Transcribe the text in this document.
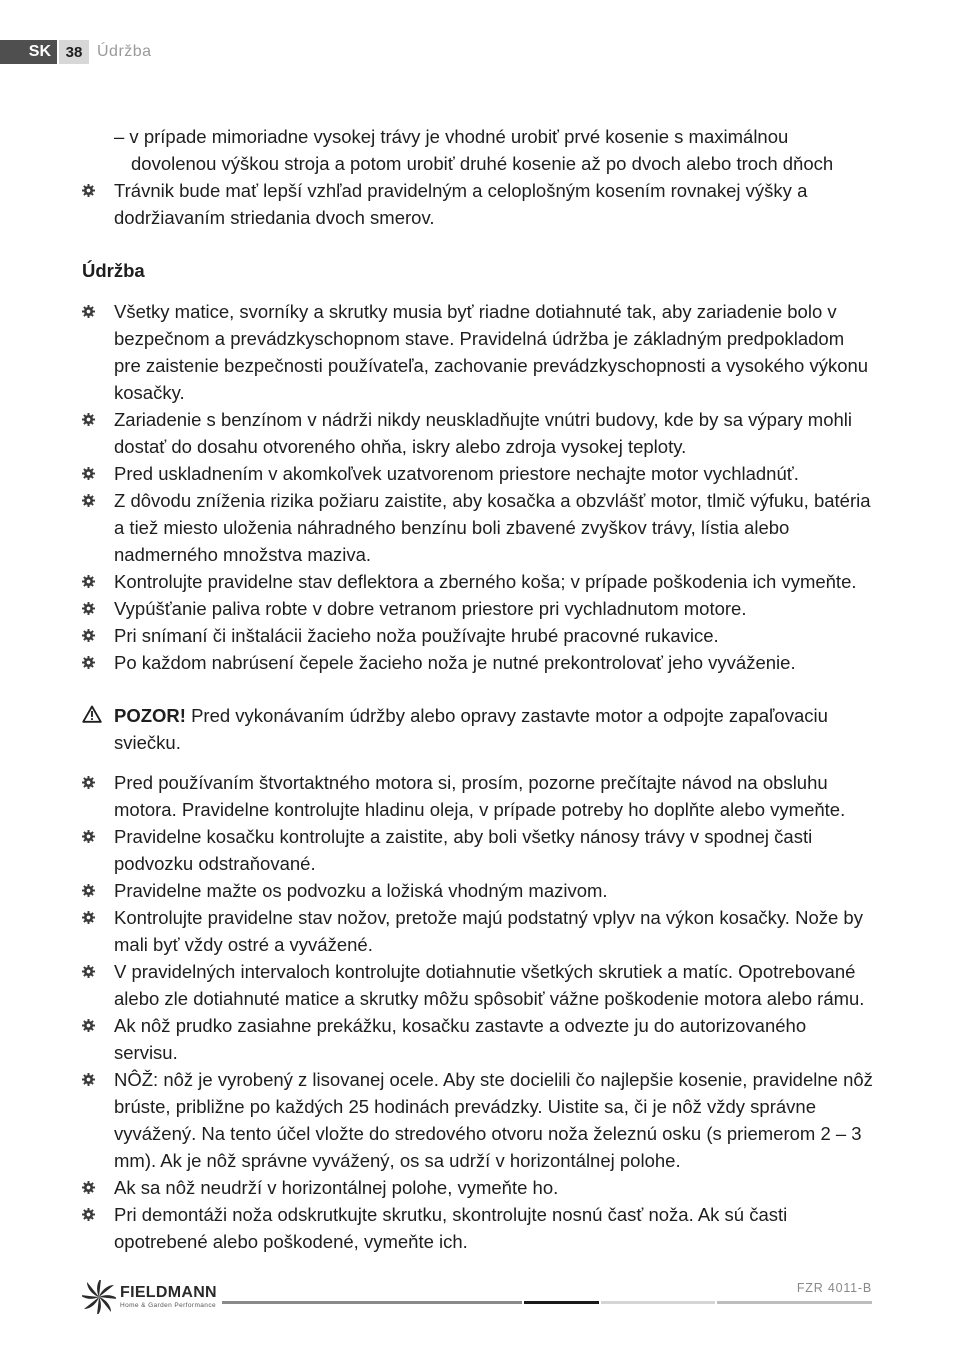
SK 38 Údržba
– v prípade mimoriadne vysokej trávy je vhodné urobiť prvé kosenie s maximálnou dovolenou výškou stroja a potom urobiť druhé kosenie až po dvoch alebo troch dňoch
Trávnik bude mať lepší vzhľad pravidelným a celoplošným kosením rovnakej výšky a dodržiavaním striedania dvoch smerov.
Údržba
Všetky matice, svorníky a skrutky musia byť riadne dotiahnuté tak, aby zariadenie bolo v bezpečnom a prevádzkyschopnom stave. Pravidelná údržba je základným predpokladom pre zaistenie bezpečnosti používateľa, zachovanie prevádzkyschopnosti a vysokého výkonu kosačky.
Zariadenie s benzínom v nádrži nikdy neuskladňujte vnútri budovy, kde by sa výpary mohli dostať do dosahu otvoreného ohňa, iskry alebo zdroja vysokej teploty.
Pred uskladnením v akomkoľvek uzatvorenom priestore nechajte motor vychladnúť.
Z dôvodu zníženia rizika požiaru zaistite, aby kosačka a obzvlášť motor, tlmič výfuku, batéria a tiež miesto uloženia náhradného benzínu boli zbavené zvyškov trávy, lístia alebo nadmerného množstva maziva.
Kontrolujte pravidelne stav deflektora a zberného koša; v prípade poškodenia ich vymeňte.
Vypúšťanie paliva robte v dobre vetranom priestore pri vychladnutom motore.
Pri snímaní či inštalácii žacieho noža používajte hrubé pracovné rukavice.
Po každom nabrúsení čepele žacieho noža je nutné prekontrolovať jeho vyváženie.
POZOR! Pred vykonávaním údržby alebo opravy zastavte motor a odpojte zapaľovaciu sviečku.
Pred používaním štvortaktného motora si, prosím, pozorne prečítajte návod na obsluhu motora. Pravidelne kontrolujte hladinu oleja, v prípade potreby ho doplňte alebo vymeňte.
Pravidelne kosačku kontrolujte a zaistite, aby boli všetky nánosy trávy v spodnej časti podvozku odstraňované.
Pravidelne mažte os podvozku a ložiská vhodným mazivom.
Kontrolujte pravidelne stav nožov, pretože majú podstatný vplyv na výkon kosačky. Nože by mali byť vždy ostré a vyvážené.
V pravidelných intervaloch kontrolujte dotiahnutie všetkých skrutiek a matíc. Opotrebované alebo zle dotiahnuté matice a skrutky môžu spôsobiť vážne poškodenie motora alebo rámu.
Ak nôž prudko zasiahne prekážku, kosačku zastavte a odvezte ju do autorizovaného servisu.
NÔŽ: nôž je vyrobený z lisovanej ocele. Aby ste docielili čo najlepšie kosenie, pravidelne nôž brúste, približne po každých 25 hodinách prevádzky. Uistite sa, či je nôž vždy správne vyvážený. Na tento účel vložte do stredového otvoru noža železnú osku (s priemerom 2 – 3 mm). Ak je nôž správne vyvážený, os sa udrží v horizontálnej polohe.
Ak sa nôž neudrží v horizontálnej polohe, vymeňte ho.
Pri demontáži noža odskrutkujte skrutku, skontrolujte nosnú časť noža. Ak sú časti opotrebené alebo poškodené, vymeňte ich.
FIELDMANN
Home & Garden Performance
FZR 4011-B
